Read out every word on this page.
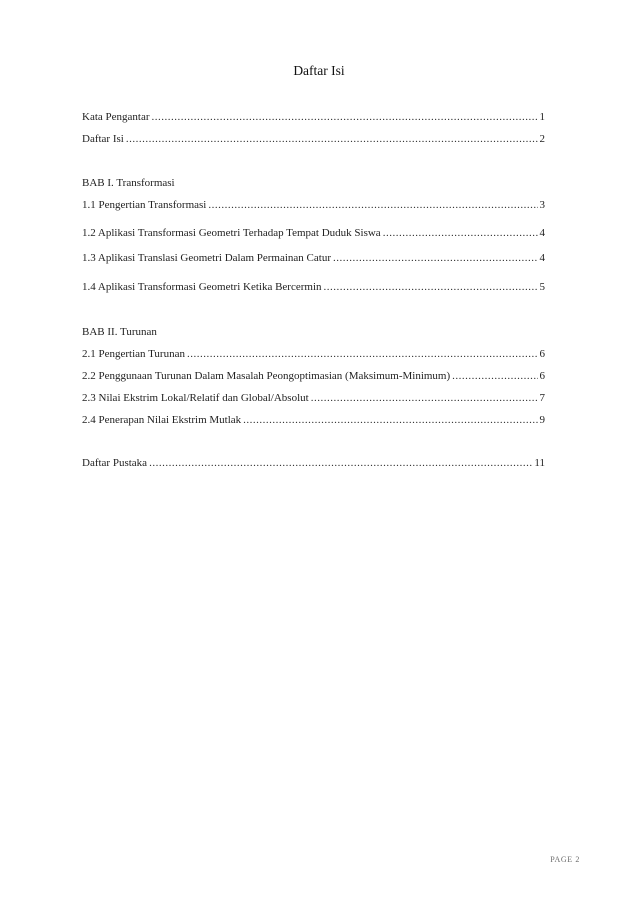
Daftar Isi
Kata Pengantar .....	1
Daftar Isi .....	2
BAB I. Transformasi
1.1 Pengertian Transformasi .....	3
1.2 Aplikasi Transformasi Geometri Terhadap Tempat Duduk Siswa .....	4
1.3 Aplikasi Translasi Geometri Dalam Permainan Catur .....	4
1.4 Aplikasi Transformasi Geometri Ketika Bercermin .....	5
BAB II. Turunan
2.1 Pengertian Turunan .....	6
2.2 Penggunaan Turunan Dalam Masalah Peongoptimasian (Maksimum-Minimum) .....	6
2.3 Nilai Ekstrim Lokal/Relatif dan Global/Absolut .....	7
2.4 Penerapan Nilai Ekstrim Mutlak .....	9
Daftar Pustaka .....	11
PAGE 2
